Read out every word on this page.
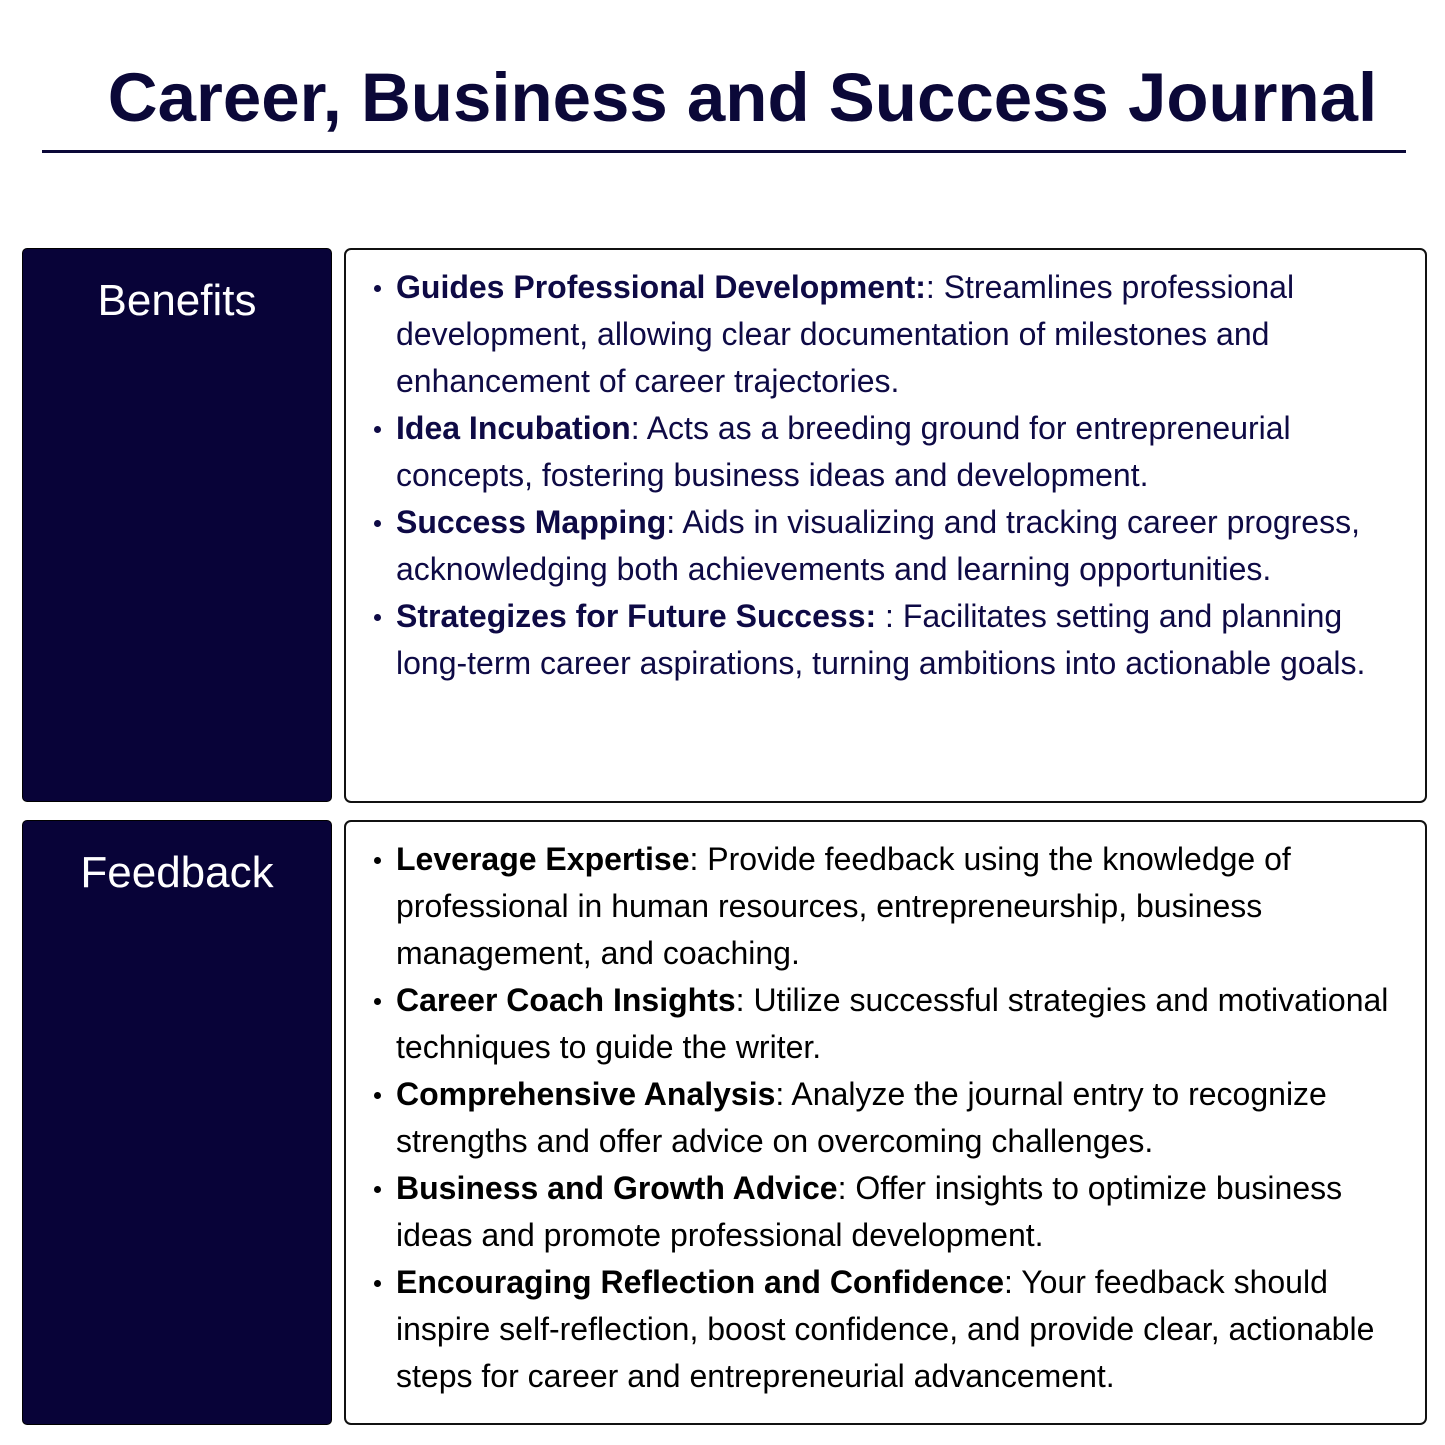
Career, Business and Success Journal
Benefits	Guides Professional Development:: Streamlines professional development, allowing clear documentation of milestones and enhancement of career trajectories.
Idea Incubation: Acts as a breeding ground for entrepreneurial concepts, fostering business ideas and development.
Success Mapping: Aids in visualizing and tracking career progress, acknowledging both achievements and learning opportunities.
Strategizes for Future Success: : Facilitates setting and planning long-term career aspirations, turning ambitions into actionable goals.
Feedback	Leverage Expertise: Provide feedback using the knowledge of professional in human resources, entrepreneurship, business management, and coaching.
Career Coach Insights: Utilize successful strategies and motivational techniques to guide the writer.
Comprehensive Analysis: Analyze the journal entry to recognize strengths and offer advice on overcoming challenges.
Business and Growth Advice: Offer insights to optimize business ideas and promote professional development.
Encouraging Reflection and Confidence: Your feedback should inspire self-reflection, boost confidence, and provide clear, actionable steps for career and entrepreneurial advancement.
